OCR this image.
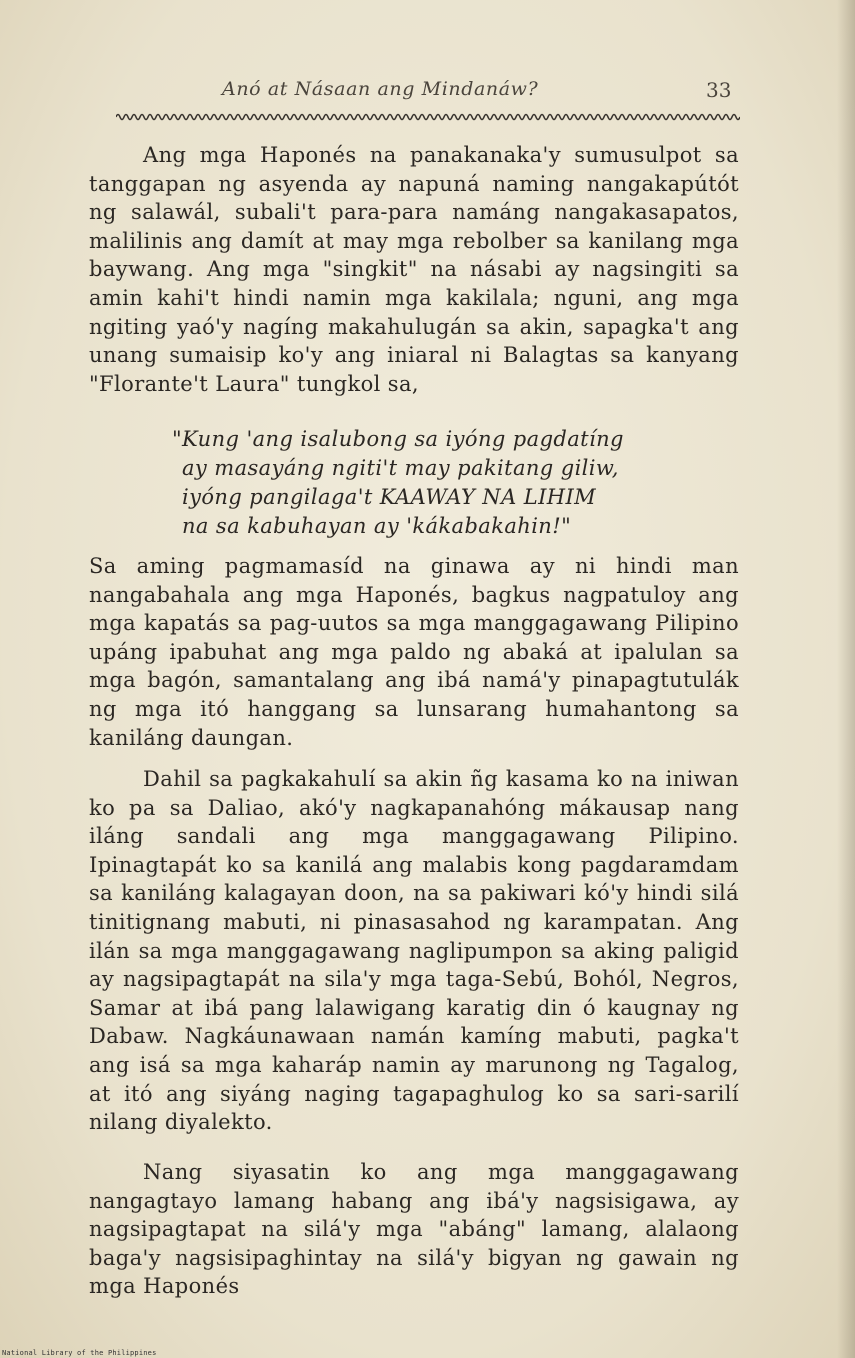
Anó at Násaan ang Mindanáw?	33
Ang mga Haponés na panakanaka'y sumusulpot sa tanggapan ng asyenda ay napuná naming nangakapútót ng salawál, subali't para-para namáng nangakasapatos, malilinis ang damít at may mga rebolber sa kanilang mga baywang. Ang mga "singkit" na násabi ay nagsingiti sa amin kahi't hindi namin mga kakilala; nguni, ang mga ngiting yaó'y nagíng makahulugán sa akin, sapagka't ang unang sumaisip ko'y ang iniaral ni Balagtas sa kanyang "Florante't Laura" tungkol sa,
"Kung 'ang isalubong sa iyóng pagdatíng
ay masayáng ngiti't may pakitang giliw,
iyóng pangilaga't KAAWAY NA LIHIM
na sa kabuhayan ay 'kákabakahin!"
Sa aming pagmamasíd na ginawa ay ni hindi man nangabahala ang mga Haponés, bagkus nagpatuloy ang mga kapatás sa pag-uutos sa mga manggagawang Pilipino upáng ipabuhat ang mga paldo ng abaká at ipalulan sa mga bagón, samantalang ang ibá namá'y pinapagtutulák ng mga itó hanggang sa lunsarang humahantong sa kaniláng daungan.
Dahil sa pagkakahulí sa akin ñg kasama ko na iniwan ko pa sa Daliao, akó'y nagkapanahóng mákausap nang iláng sandali ang mga manggagawang Pilipino. Ipinagtapát ko sa kanilá ang malabis kong pagdaramdam sa kaniláng kalagayan doon, na sa pakiwari kó'y hindi silá tinitignang mabuti, ni pinasasahod ng karampatan. Ang ilán sa mga manggagawang naglipumpon sa aking paligid ay nagsipagtapát na sila'y mga taga-Sebú, Bohól, Negros, Samar at ibá pang lalawigang karatig din ó kaugnay ng Dabaw. Nagkáunawaan namán kamíng mabuti, pagka't ang isá sa mga kaharáp namin ay marunong ng Tagalog, at itó ang siyáng naging tagapaghulog ko sa sari-sarilí nilang diyalekto.
Nang siyasatin ko ang mga manggagawang nangagtayo lamang habang ang ibá'y nagsisigawa, ay nagsipagtapat na silá'y mga "abáng" lamang, alalaong baga'y nagsisipaghintay na silá'y bigyan ng gawain ng mga Haponés
National Library of the Philippines
